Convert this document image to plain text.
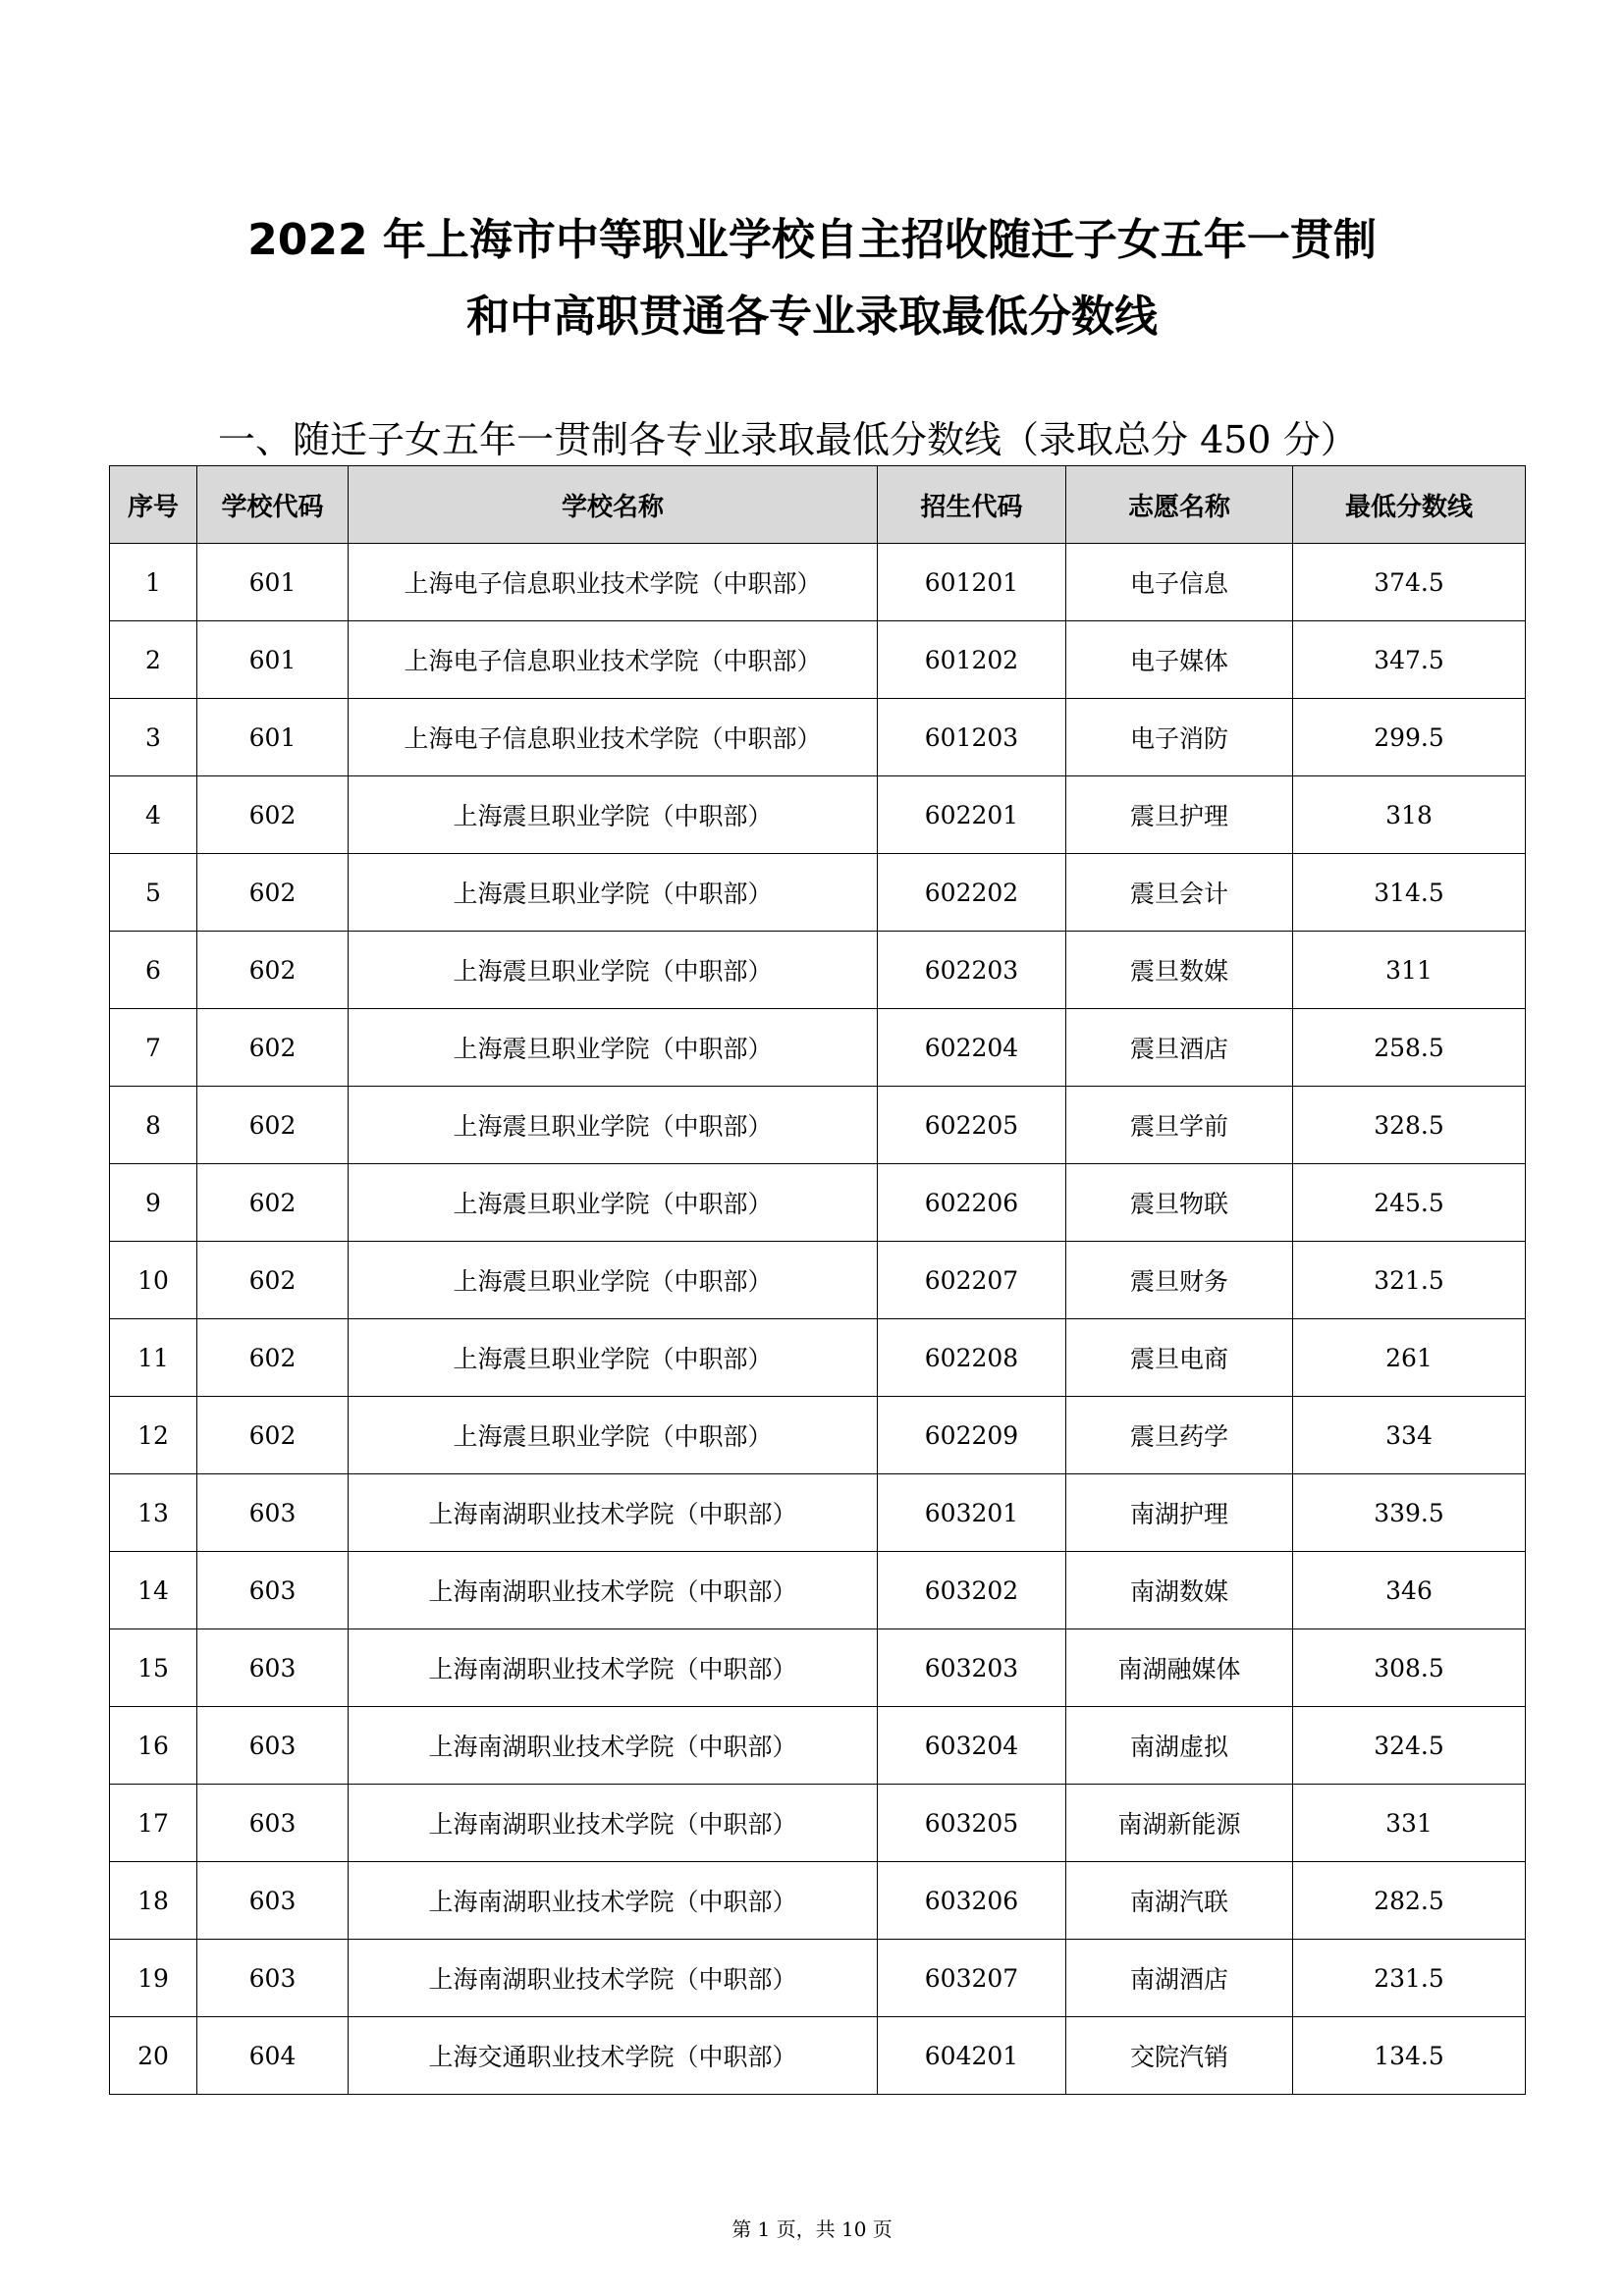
2022 年上海市中等职业学校自主招收随迁子女五年一贯制
和中高职贯通各专业录取最低分数线
一、随迁子女五年一贯制各专业录取最低分数线（录取总分 450 分）
序号	学校代码	学校名称	招生代码	志愿名称	最低分数线
1	601	上海电子信息职业技术学院（中职部）	601201	电子信息	374.5
2	601	上海电子信息职业技术学院（中职部）	601202	电子媒体	347.5
3	601	上海电子信息职业技术学院（中职部）	601203	电子消防	299.5
4	602	上海震旦职业学院（中职部）	602201	震旦护理	318
5	602	上海震旦职业学院（中职部）	602202	震旦会计	314.5
6	602	上海震旦职业学院（中职部）	602203	震旦数媒	311
7	602	上海震旦职业学院（中职部）	602204	震旦酒店	258.5
8	602	上海震旦职业学院（中职部）	602205	震旦学前	328.5
9	602	上海震旦职业学院（中职部）	602206	震旦物联	245.5
10	602	上海震旦职业学院（中职部）	602207	震旦财务	321.5
11	602	上海震旦职业学院（中职部）	602208	震旦电商	261
12	602	上海震旦职业学院（中职部）	602209	震旦药学	334
13	603	上海南湖职业技术学院（中职部）	603201	南湖护理	339.5
14	603	上海南湖职业技术学院（中职部）	603202	南湖数媒	346
15	603	上海南湖职业技术学院（中职部）	603203	南湖融媒体	308.5
16	603	上海南湖职业技术学院（中职部）	603204	南湖虚拟	324.5
17	603	上海南湖职业技术学院（中职部）	603205	南湖新能源	331
18	603	上海南湖职业技术学院（中职部）	603206	南湖汽联	282.5
19	603	上海南湖职业技术学院（中职部）	603207	南湖酒店	231.5
20	604	上海交通职业技术学院（中职部）	604201	交院汽销	134.5
第 1 页，共 10 页
